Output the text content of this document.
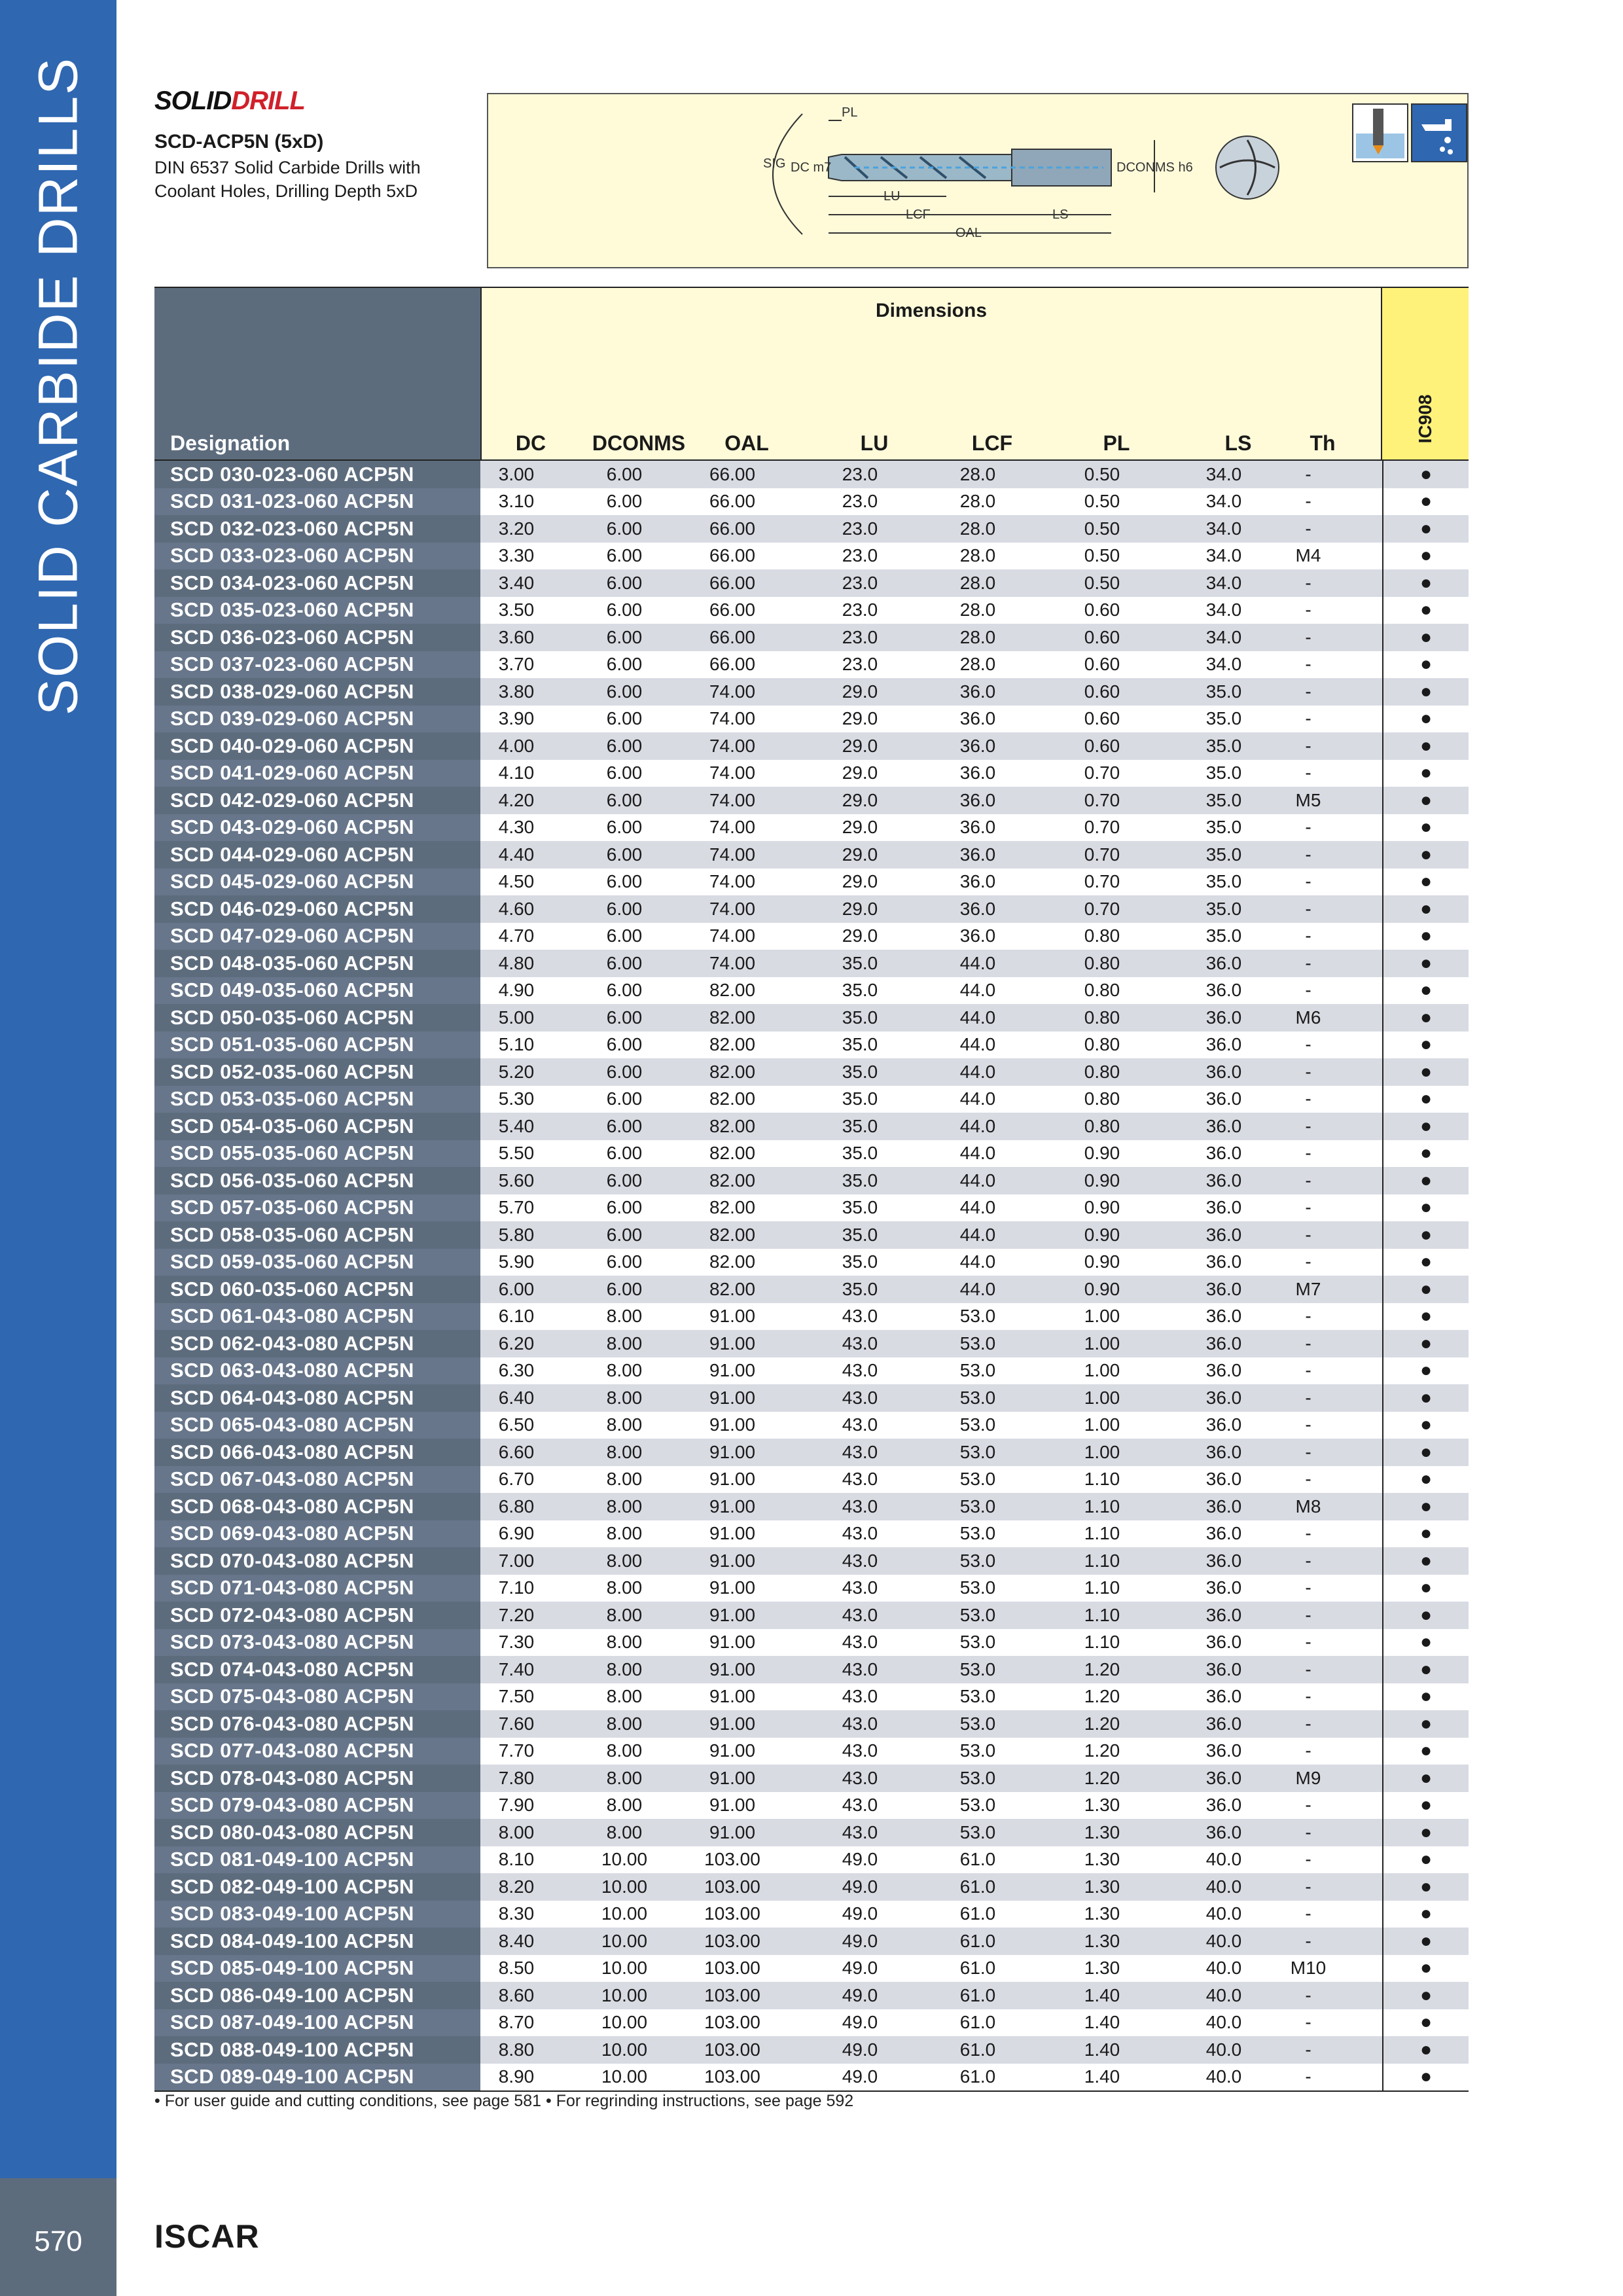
SOLID CARBIDE DRILLS
570	ISCAR
SOLIDDRILL
SCD-ACP5N (5xD)
DIN 6537 Solid Carbide Drills with
Coolant Holes, Drilling Depth 5xD
PL
SIG DC m7	DCONMS h6
LU
LCF	LS
OAL
Designation
Dimensions
DC	DCONMS	OAL	LU	LCF	PL	LS	Th	IC908
SCD 030-023-060 ACP5N	3.00	6.00	66.00	23.0	28.0	0.50	34.0	-	●
SCD 031-023-060 ACP5N	3.10	6.00	66.00	23.0	28.0	0.50	34.0	-	●
SCD 032-023-060 ACP5N	3.20	6.00	66.00	23.0	28.0	0.50	34.0	-	●
SCD 033-023-060 ACP5N	3.30	6.00	66.00	23.0	28.0	0.50	34.0	M4	●
SCD 034-023-060 ACP5N	3.40	6.00	66.00	23.0	28.0	0.50	34.0	-	●
SCD 035-023-060 ACP5N	3.50	6.00	66.00	23.0	28.0	0.60	34.0	-	●
SCD 036-023-060 ACP5N	3.60	6.00	66.00	23.0	28.0	0.60	34.0	-	●
SCD 037-023-060 ACP5N	3.70	6.00	66.00	23.0	28.0	0.60	34.0	-	●
SCD 038-029-060 ACP5N	3.80	6.00	74.00	29.0	36.0	0.60	35.0	-	●
SCD 039-029-060 ACP5N	3.90	6.00	74.00	29.0	36.0	0.60	35.0	-	●
SCD 040-029-060 ACP5N	4.00	6.00	74.00	29.0	36.0	0.60	35.0	-	●
SCD 041-029-060 ACP5N	4.10	6.00	74.00	29.0	36.0	0.70	35.0	-	●
SCD 042-029-060 ACP5N	4.20	6.00	74.00	29.0	36.0	0.70	35.0	M5	●
SCD 043-029-060 ACP5N	4.30	6.00	74.00	29.0	36.0	0.70	35.0	-	●
SCD 044-029-060 ACP5N	4.40	6.00	74.00	29.0	36.0	0.70	35.0	-	●
SCD 045-029-060 ACP5N	4.50	6.00	74.00	29.0	36.0	0.70	35.0	-	●
SCD 046-029-060 ACP5N	4.60	6.00	74.00	29.0	36.0	0.70	35.0	-	●
SCD 047-029-060 ACP5N	4.70	6.00	74.00	29.0	36.0	0.80	35.0	-	●
SCD 048-035-060 ACP5N	4.80	6.00	74.00	35.0	44.0	0.80	36.0	-	●
SCD 049-035-060 ACP5N	4.90	6.00	82.00	35.0	44.0	0.80	36.0	-	●
SCD 050-035-060 ACP5N	5.00	6.00	82.00	35.0	44.0	0.80	36.0	M6	●
SCD 051-035-060 ACP5N	5.10	6.00	82.00	35.0	44.0	0.80	36.0	-	●
SCD 052-035-060 ACP5N	5.20	6.00	82.00	35.0	44.0	0.80	36.0	-	●
SCD 053-035-060 ACP5N	5.30	6.00	82.00	35.0	44.0	0.80	36.0	-	●
SCD 054-035-060 ACP5N	5.40	6.00	82.00	35.0	44.0	0.80	36.0	-	●
SCD 055-035-060 ACP5N	5.50	6.00	82.00	35.0	44.0	0.90	36.0	-	●
SCD 056-035-060 ACP5N	5.60	6.00	82.00	35.0	44.0	0.90	36.0	-	●
SCD 057-035-060 ACP5N	5.70	6.00	82.00	35.0	44.0	0.90	36.0	-	●
SCD 058-035-060 ACP5N	5.80	6.00	82.00	35.0	44.0	0.90	36.0	-	●
SCD 059-035-060 ACP5N	5.90	6.00	82.00	35.0	44.0	0.90	36.0	-	●
SCD 060-035-060 ACP5N	6.00	6.00	82.00	35.0	44.0	0.90	36.0	M7	●
SCD 061-043-080 ACP5N	6.10	8.00	91.00	43.0	53.0	1.00	36.0	-	●
SCD 062-043-080 ACP5N	6.20	8.00	91.00	43.0	53.0	1.00	36.0	-	●
SCD 063-043-080 ACP5N	6.30	8.00	91.00	43.0	53.0	1.00	36.0	-	●
SCD 064-043-080 ACP5N	6.40	8.00	91.00	43.0	53.0	1.00	36.0	-	●
SCD 065-043-080 ACP5N	6.50	8.00	91.00	43.0	53.0	1.00	36.0	-	●
SCD 066-043-080 ACP5N	6.60	8.00	91.00	43.0	53.0	1.00	36.0	-	●
SCD 067-043-080 ACP5N	6.70	8.00	91.00	43.0	53.0	1.10	36.0	-	●
SCD 068-043-080 ACP5N	6.80	8.00	91.00	43.0	53.0	1.10	36.0	M8	●
SCD 069-043-080 ACP5N	6.90	8.00	91.00	43.0	53.0	1.10	36.0	-	●
SCD 070-043-080 ACP5N	7.00	8.00	91.00	43.0	53.0	1.10	36.0	-	●
SCD 071-043-080 ACP5N	7.10	8.00	91.00	43.0	53.0	1.10	36.0	-	●
SCD 072-043-080 ACP5N	7.20	8.00	91.00	43.0	53.0	1.10	36.0	-	●
SCD 073-043-080 ACP5N	7.30	8.00	91.00	43.0	53.0	1.10	36.0	-	●
SCD 074-043-080 ACP5N	7.40	8.00	91.00	43.0	53.0	1.20	36.0	-	●
SCD 075-043-080 ACP5N	7.50	8.00	91.00	43.0	53.0	1.20	36.0	-	●
SCD 076-043-080 ACP5N	7.60	8.00	91.00	43.0	53.0	1.20	36.0	-	●
SCD 077-043-080 ACP5N	7.70	8.00	91.00	43.0	53.0	1.20	36.0	-	●
SCD 078-043-080 ACP5N	7.80	8.00	91.00	43.0	53.0	1.20	36.0	M9	●
SCD 079-043-080 ACP5N	7.90	8.00	91.00	43.0	53.0	1.30	36.0	-	●
SCD 080-043-080 ACP5N	8.00	8.00	91.00	43.0	53.0	1.30	36.0	-	●
SCD 081-049-100 ACP5N	8.10	10.00	103.00	49.0	61.0	1.30	40.0	-	●
SCD 082-049-100 ACP5N	8.20	10.00	103.00	49.0	61.0	1.30	40.0	-	●
SCD 083-049-100 ACP5N	8.30	10.00	103.00	49.0	61.0	1.30	40.0	-	●
SCD 084-049-100 ACP5N	8.40	10.00	103.00	49.0	61.0	1.30	40.0	-	●
SCD 085-049-100 ACP5N	8.50	10.00	103.00	49.0	61.0	1.30	40.0	M10	●
SCD 086-049-100 ACP5N	8.60	10.00	103.00	49.0	61.0	1.40	40.0	-	●
SCD 087-049-100 ACP5N	8.70	10.00	103.00	49.0	61.0	1.40	40.0	-	●
SCD 088-049-100 ACP5N	8.80	10.00	103.00	49.0	61.0	1.40	40.0	-	●
SCD 089-049-100 ACP5N	8.90	10.00	103.00	49.0	61.0	1.40	40.0	-	●
• For user guide and cutting conditions, see page 581 • For regrinding instructions, see page 592
